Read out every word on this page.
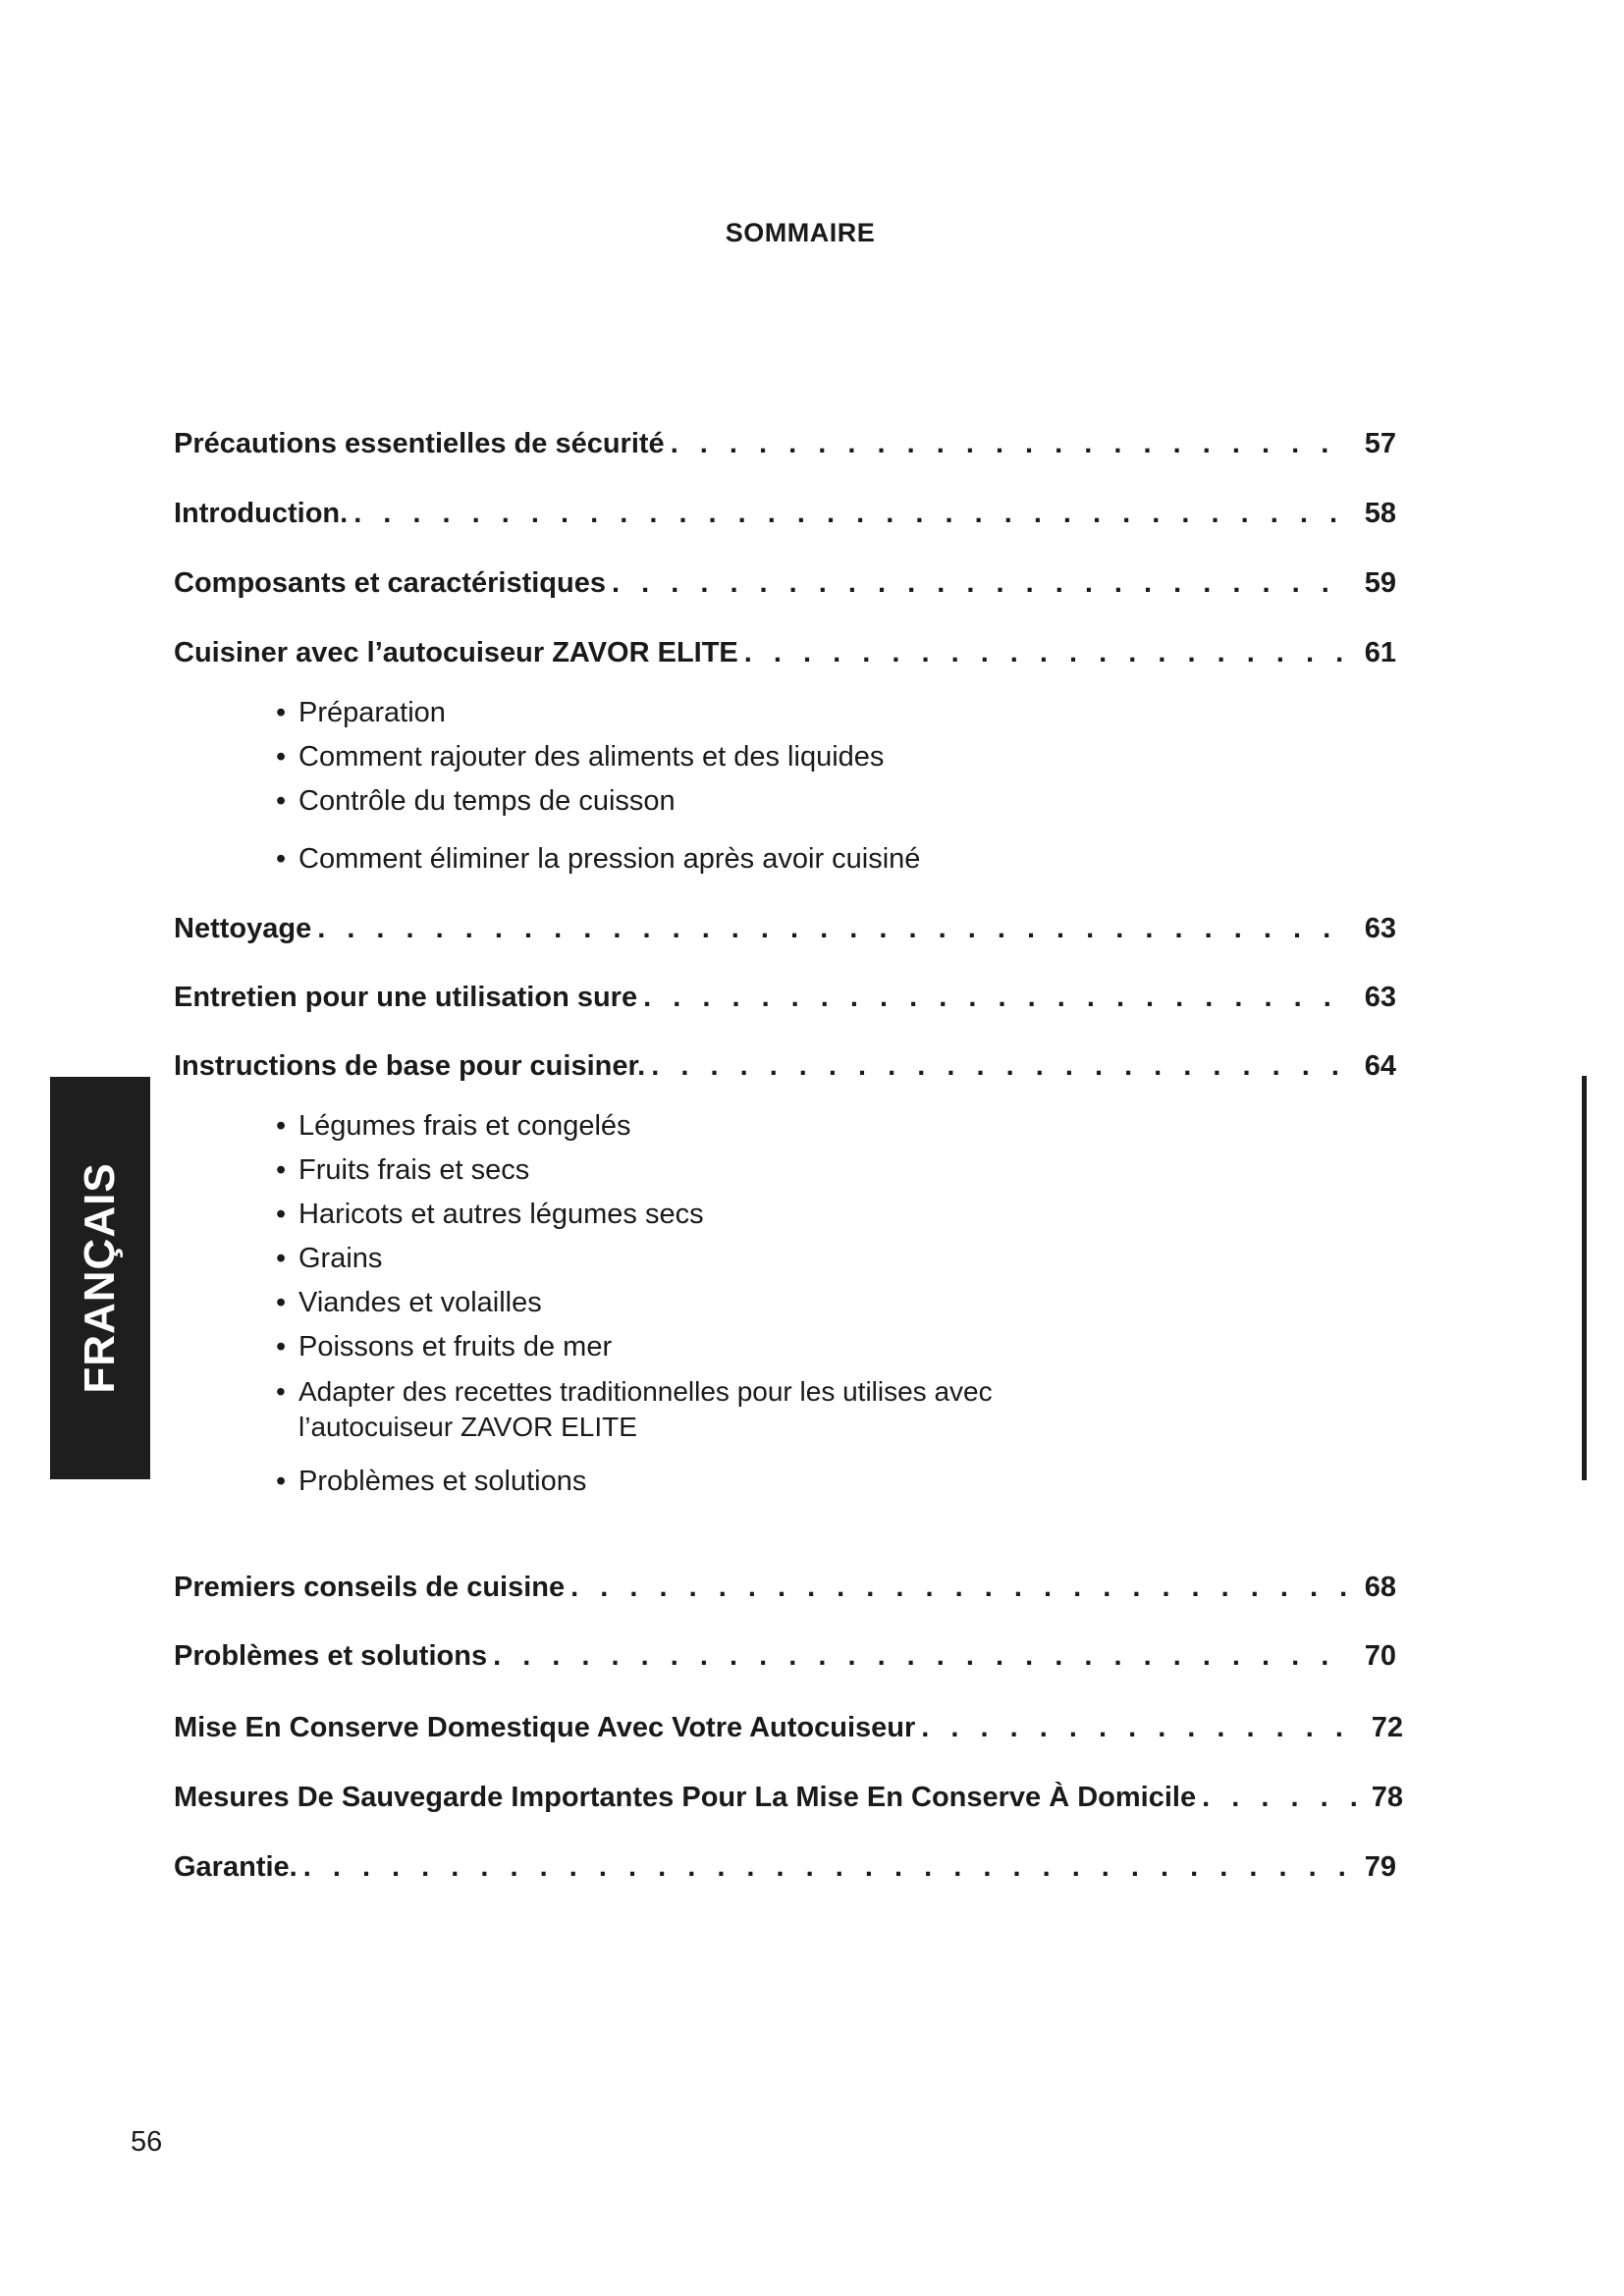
SOMMAIRE
Précautions essentielles de sécurité . . .	57
Introduction. . . .	58
Composants et caractéristiques . . .	59
Cuisiner avec l’autocuiseur ZAVOR ELITE . . .	61
• Préparation
• Comment rajouter des aliments et des liquides
• Contrôle du temps de cuisson
• Comment éliminer la pression après avoir cuisiné
Nettoyage . . .	63
Entretien pour une utilisation sure . . .	63
Instructions de base pour cuisiner. . . .	64
• Légumes frais et congelés
• Fruits frais et secs
• Haricots et autres légumes secs
• Grains
• Viandes et volailles
• Poissons et fruits de mer
• Adapter des recettes traditionnelles pour les utilises avec
l’autocuiseur ZAVOR ELITE
• Problèmes et solutions
Premiers conseils de cuisine . . .	68
Problèmes et solutions . . .	70
Mise En Conserve Domestique Avec Votre Autocuiseur . . .	72
Mesures De Sauvegarde Importantes Pour La Mise En Conserve À Domicile . . .	78
Garantie. . . .	79
FRANÇAIS
56
